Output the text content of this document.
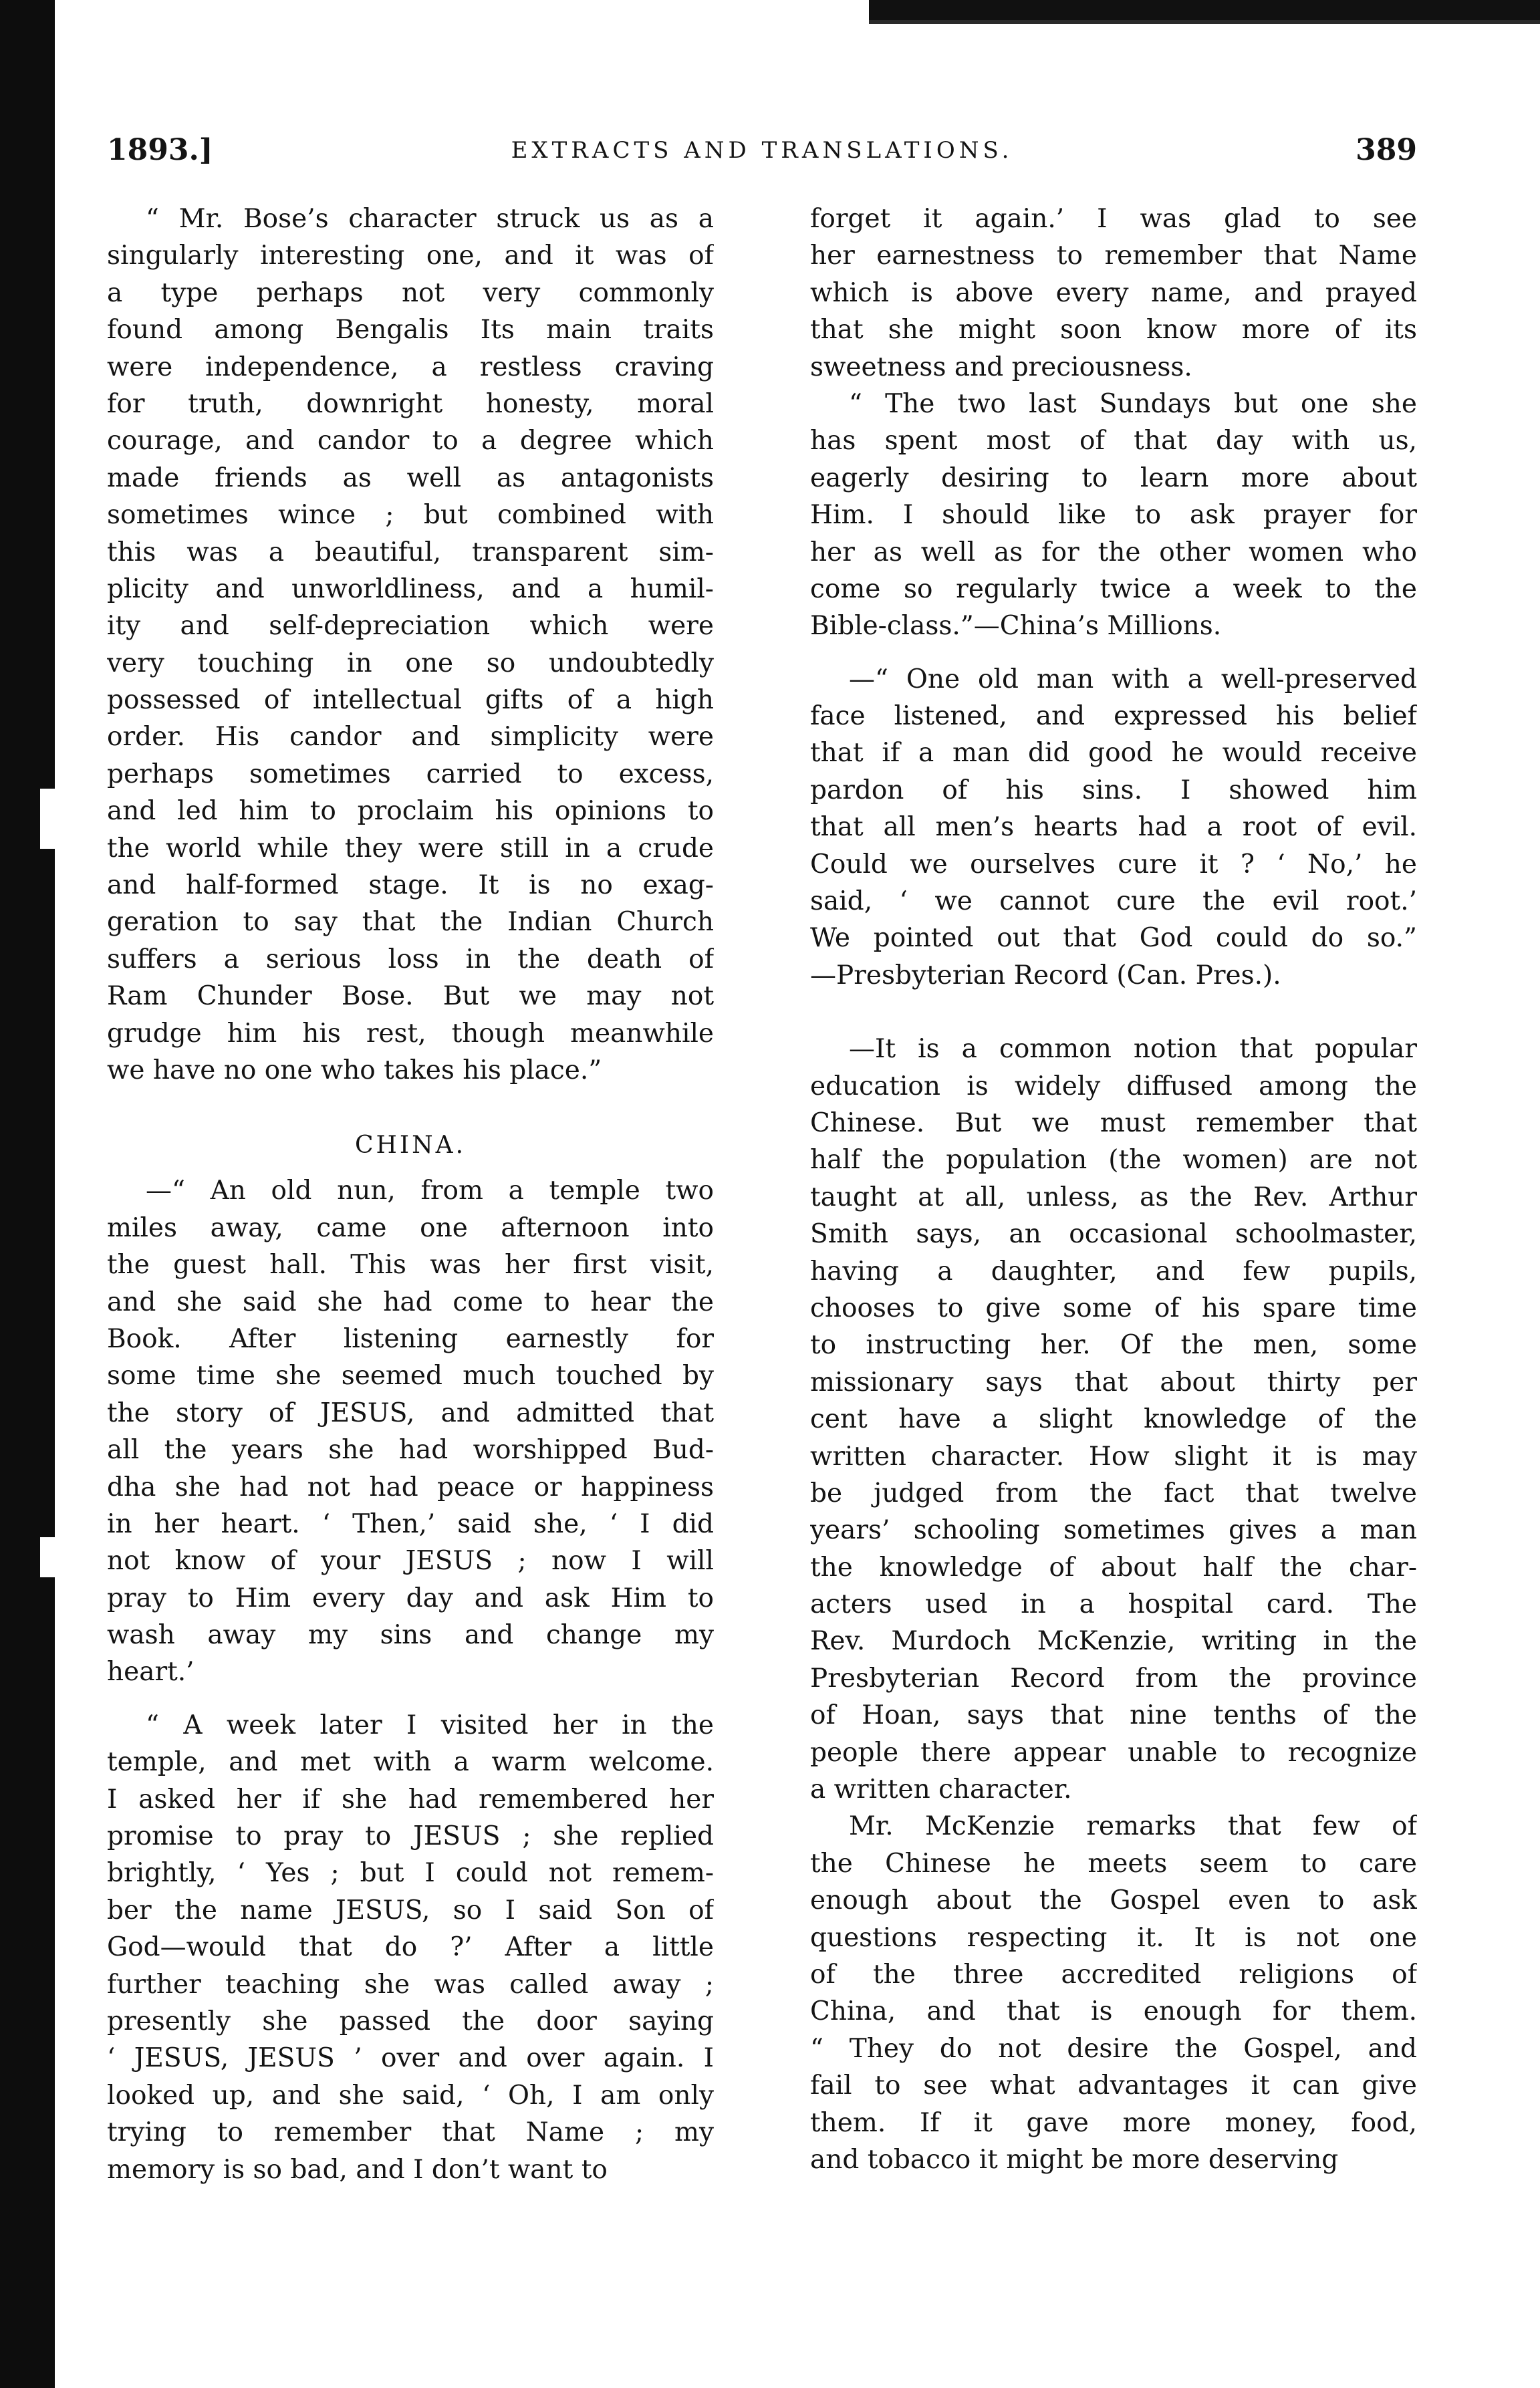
1893.]	EXTRACTS AND TRANSLATIONS.	389
“ Mr. Bose’s character struck us as a
singularly interesting one, and it was of
a type perhaps not very commonly
found among Bengalis Its main traits
were independence, a restless craving
for truth, downright honesty, moral
courage, and candor to a degree which
made friends as well as antagonists
sometimes wince ; but combined with
this was a beautiful, transparent sim-
plicity and unworldliness, and a humil-
ity and self-depreciation which were
very touching in one so undoubtedly
possessed of intellectual gifts of a high
order. His candor and simplicity were
perhaps sometimes carried to excess,
and led him to proclaim his opinions to
the world while they were still in a crude
and half-formed stage. It is no exag-
geration to say that the Indian Church
suffers a serious loss in the death of
Ram Chunder Bose. But we may not
grudge him his rest, though meanwhile
we have no one who takes his place.”
CHINA.
—“ An old nun, from a temple two
miles away, came one afternoon into
the guest hall. This was her first visit,
and she said she had come to hear the
Book. After listening earnestly for
some time she seemed much touched by
the story of JESUS, and admitted that
all the years she had worshipped Bud-
dha she had not had peace or happiness
in her heart. ‘ Then,’ said she, ‘ I did
not know of your JESUS ; now I will
pray to Him every day and ask Him to
wash away my sins and change my
heart.’
“ A week later I visited her in the
temple, and met with a warm welcome.
I asked her if she had remembered her
promise to pray to JESUS ; she replied
brightly, ‘ Yes ; but I could not remem-
ber the name JESUS, so I said Son of
God—would that do ?’ After a little
further teaching she was called away ;
presently she passed the door saying
‘ JESUS, JESUS ’ over and over again. I
looked up, and she said, ‘ Oh, I am only
trying to remember that Name ; my
memory is so bad, and I don’t want to
forget it again.’ I was glad to see
her earnestness to remember that Name
which is above every name, and prayed
that she might soon know more of its
sweetness and preciousness.
“ The two last Sundays but one she
has spent most of that day with us,
eagerly desiring to learn more about
Him. I should like to ask prayer for
her as well as for the other women who
come so regularly twice a week to the
Bible-class.”—China’s Millions.
—“ One old man with a well-preserved
face listened, and expressed his belief
that if a man did good he would receive
pardon of his sins. I showed him
that all men’s hearts had a root of evil.
Could we ourselves cure it ? ‘ No,’ he
said, ‘ we cannot cure the evil root.’
We pointed out that God could do so.”
—Presbyterian Record (Can. Pres.).
—It is a common notion that popular
education is widely diffused among the
Chinese. But we must remember that
half the population (the women) are not
taught at all, unless, as the Rev. Arthur
Smith says, an occasional schoolmaster,
having a daughter, and few pupils,
chooses to give some of his spare time
to instructing her. Of the men, some
missionary says that about thirty per
cent have a slight knowledge of the
written character. How slight it is may
be judged from the fact that twelve
years’ schooling sometimes gives a man
the knowledge of about half the char-
acters used in a hospital card. The
Rev. Murdoch McKenzie, writing in the
Presbyterian Record from the province
of Hoan, says that nine tenths of the
people there appear unable to recognize
a written character.
Mr. McKenzie remarks that few of
the Chinese he meets seem to care
enough about the Gospel even to ask
questions respecting it. It is not one
of the three accredited religions of
China, and that is enough for them.
“ They do not desire the Gospel, and
fail to see what advantages it can give
them. If it gave more money, food,
and tobacco it might be more deserving
